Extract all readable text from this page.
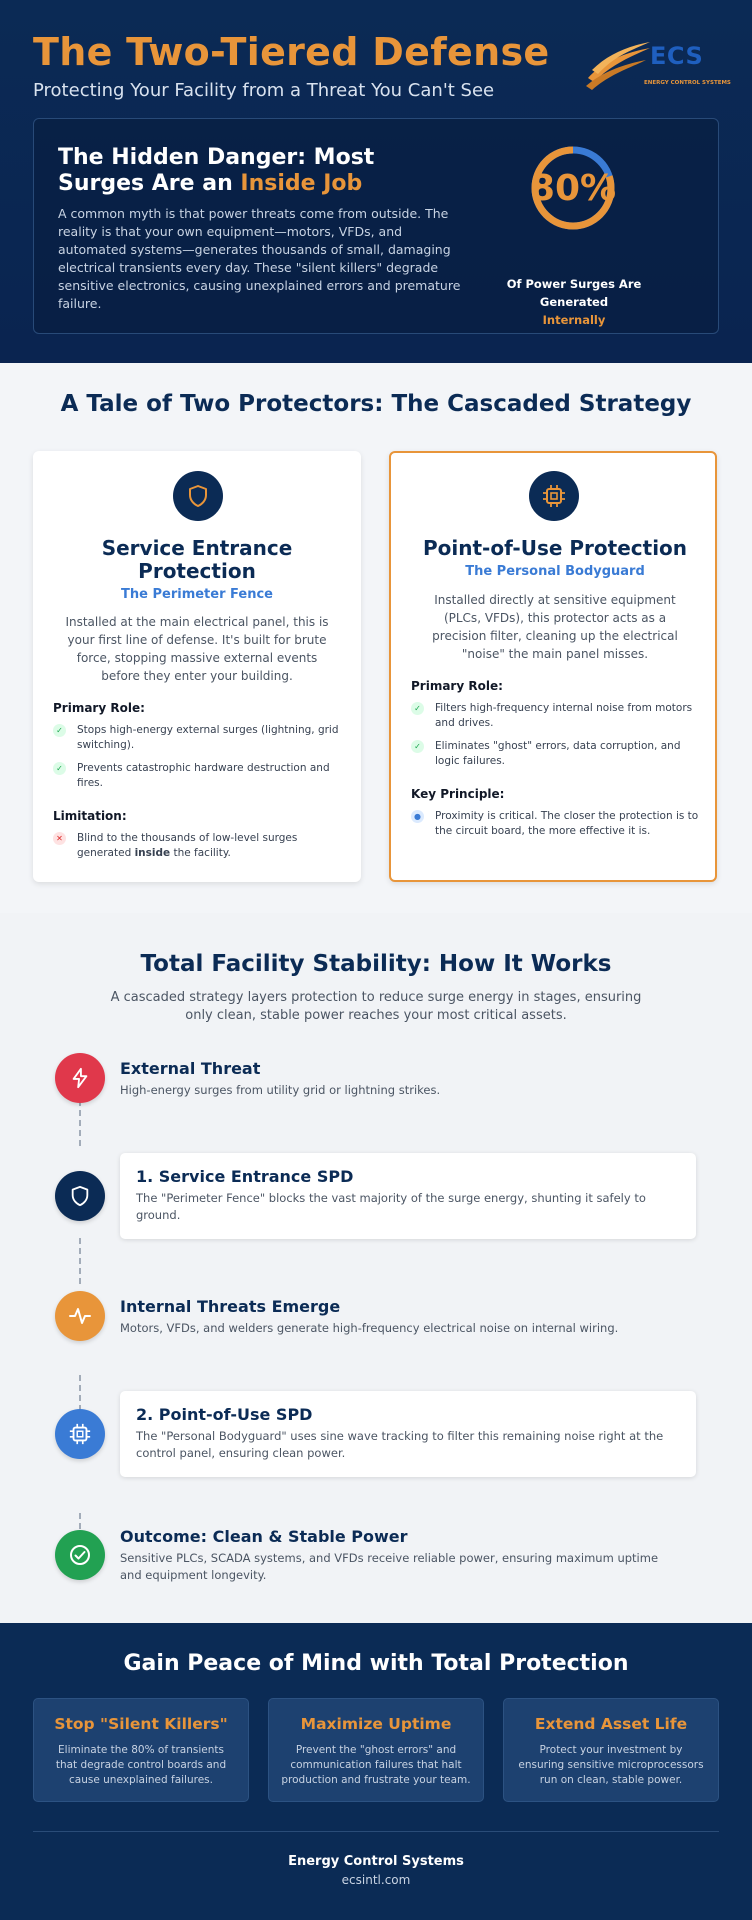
The Two-Tiered Defense
Protecting Your Facility from a Threat You Can't See
ECS
ENERGY CONTROL SYSTEMS
The Hidden Danger: Most Surges Are an Inside Job
A common myth is that power threats come from outside. The reality is that your own equipment—motors, VFDs, and automated systems—generates thousands of small, damaging electrical transients every day. These "silent killers" degrade sensitive electronics, causing unexplained errors and premature failure.
80%
Of Power Surges Are Generated
Internally
A Tale of Two Protectors: The Cascaded Strategy
Service Entrance Protection
The Perimeter Fence
Installed at the main electrical panel, this is your first line of defense. It's built for brute force, stopping massive external events before they enter your building.
Primary Role:
✓	Stops high-energy external surges (lightning, grid switching).
✓	Prevents catastrophic hardware destruction and fires.
Limitation:
✕	Blind to the thousands of low-level surges generated inside the facility.
Point-of-Use Protection
The Personal Bodyguard
Installed directly at sensitive equipment (PLCs, VFDs), this protector acts as a precision filter, cleaning up the electrical "noise" the main panel misses.
Primary Role:
✓	Filters high-frequency internal noise from motors and drives.
✓	Eliminates "ghost" errors, data corruption, and logic failures.
Key Principle:
● Proximity is critical. The closer the protection is to the circuit board, the more effective it is.
Total Facility Stability: How It Works
A cascaded strategy layers protection to reduce surge energy in stages, ensuring only clean, stable power reaches your most critical assets.
External Threat
High-energy surges from utility grid or lightning strikes.
1. Service Entrance SPD
The "Perimeter Fence" blocks the vast majority of the surge energy, shunting it safely to ground.
Internal Threats Emerge
Motors, VFDs, and welders generate high-frequency electrical noise on internal wiring.
2. Point-of-Use SPD
The "Personal Bodyguard" uses sine wave tracking to filter this remaining noise right at the control panel, ensuring clean power.
Outcome: Clean & Stable Power
Sensitive PLCs, SCADA systems, and VFDs receive reliable power, ensuring maximum uptime and equipment longevity.
Gain Peace of Mind with Total Protection
Stop "Silent Killers"
Eliminate the 80% of transients that degrade control boards and cause unexplained failures.
Maximize Uptime
Prevent the "ghost errors" and communication failures that halt production and frustrate your team.
Extend Asset Life
Protect your investment by ensuring sensitive microprocessors run on clean, stable power.
Energy Control Systems
ecsintl.com
